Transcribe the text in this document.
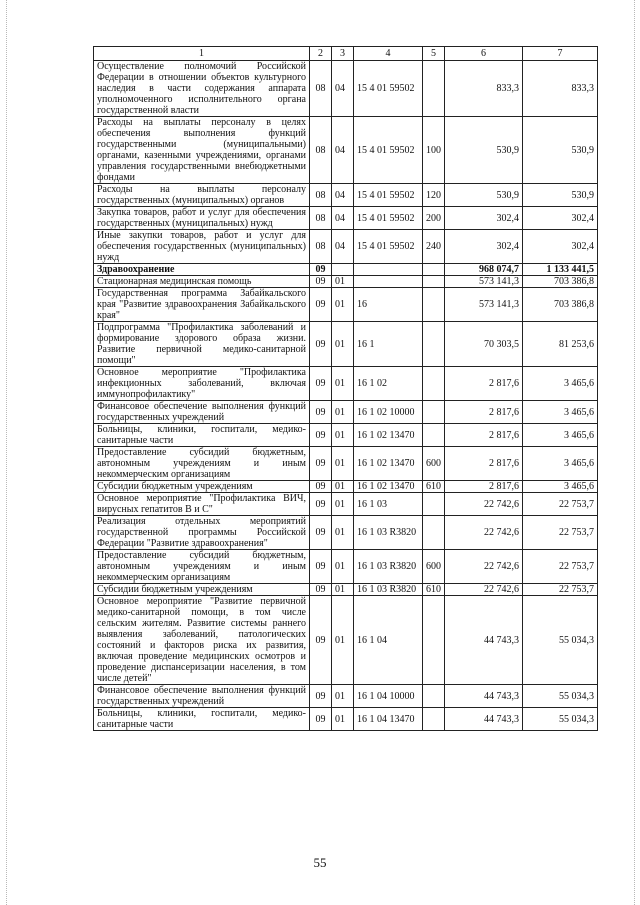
1	2	3	4	5	6	7
Осуществление полномочий Российской Федерации в отношении объектов культурного наследия в части содержания аппарата уполномоченного исполнительного органа государственной власти	08	04	15 4 01 59502		833,3	833,3
Расходы на выплаты персоналу в целях обеспечения выполнения функций государственными (муниципальными) органами, казенными учреждениями, органами управления государственными внебюджетными фондами	08	04	15 4 01 59502	100	530,9	530,9
Расходы на выплаты персоналу государственных (муниципальных) органов	08	04	15 4 01 59502	120	530,9	530,9
Закупка товаров, работ и услуг для обеспечения государственных (муниципальных) нужд	08	04	15 4 01 59502	200	302,4	302,4
Иные закупки товаров, работ и услуг для обеспечения государственных (муниципальных) нужд	08	04	15 4 01 59502	240	302,4	302,4
Здравоохранение	09				968 074,7	1 133 441,5
Стационарная медицинская помощь	09	01			573 141,3	703 386,8
Государственная программа Забайкальского края "Развитие здравоохранения Забайкальского края"	09	01	16		573 141,3	703 386,8
Подпрограмма "Профилактика заболеваний и формирование здорового образа жизни. Развитие первичной медико-санитарной помощи"	09	01	16 1		70 303,5	81 253,6
Основное мероприятие "Профилактика инфекционных заболеваний, включая иммунопрофилактику"	09	01	16 1 02		2 817,6	3 465,6
Финансовое обеспечение выполнения функций государственных учреждений	09	01	16 1 02 10000		2 817,6	3 465,6
Больницы, клиники, госпитали, медико-санитарные части	09	01	16 1 02 13470		2 817,6	3 465,6
Предоставление субсидий бюджетным, автономным учреждениям и иным некоммерческим организациям	09	01	16 1 02 13470	600	2 817,6	3 465,6
Субсидии бюджетным учреждениям	09	01	16 1 02 13470	610	2 817,6	3 465,6
Основное мероприятие "Профилактика ВИЧ, вирусных гепатитов В и С"	09	01	16 1 03		22 742,6	22 753,7
Реализация отдельных мероприятий государственной программы Российской Федерации "Развитие здравоохранения"	09	01	16 1 03 R3820		22 742,6	22 753,7
Предоставление субсидий бюджетным, автономным учреждениям и иным некоммерческим организациям	09	01	16 1 03 R3820	600	22 742,6	22 753,7
Субсидии бюджетным учреждениям	09	01	16 1 03 R3820	610	22 742,6	22 753,7
Основное мероприятие "Развитие первичной медико-санитарной помощи, в том числе сельским жителям. Развитие системы раннего выявления заболеваний, патологических состояний и факторов риска их развития, включая проведение медицинских осмотров и проведение диспансеризации населения, в том числе детей"	09	01	16 1 04		44 743,3	55 034,3
Финансовое обеспечение выполнения функций государственных учреждений	09	01	16 1 04 10000		44 743,3	55 034,3
Больницы, клиники, госпитали, медико-санитарные части	09	01	16 1 04 13470		44 743,3	55 034,3
55
